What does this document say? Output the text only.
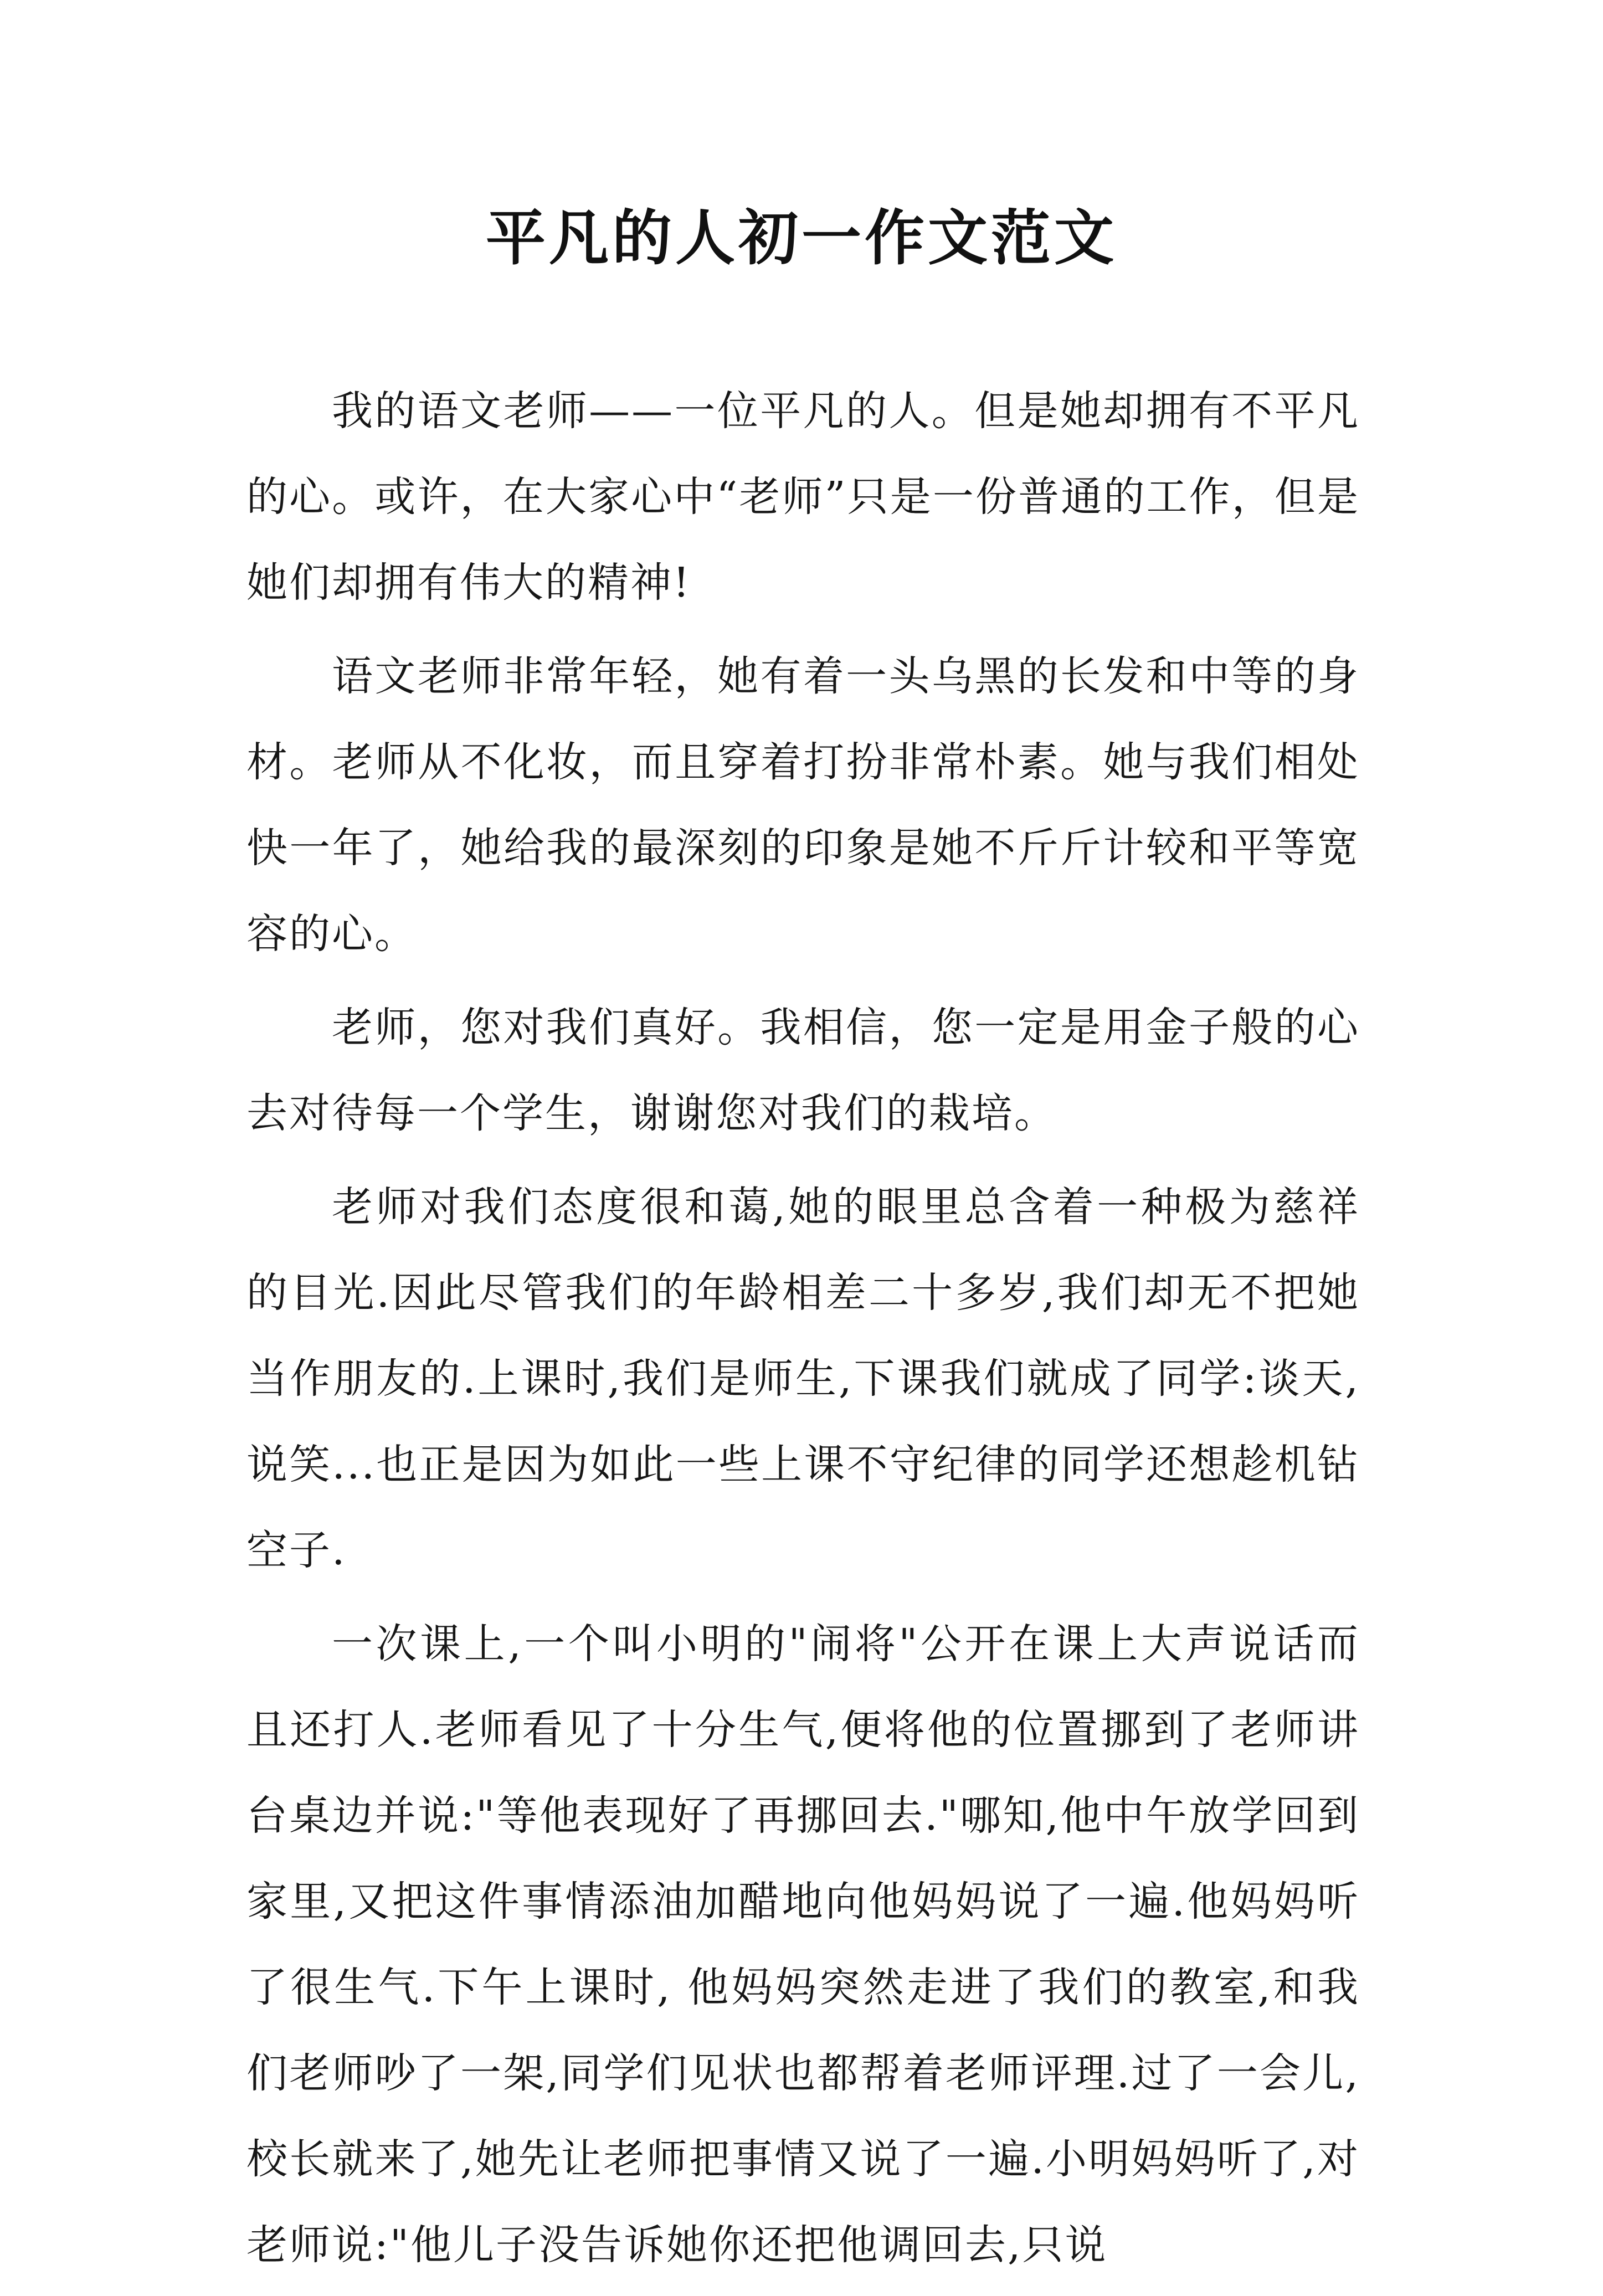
平凡的人初一作文范文

我的语文老师——一位平凡的人。但是她却拥有不平凡的心。或许，在大家心中“老师”只是一份普通的工作，但是她们却拥有伟大的精神!

语文老师非常年轻，她有着一头乌黑的长发和中等的身材。老师从不化妆，而且穿着打扮非常朴素。她与我们相处快一年了，她给我的最深刻的印象是她不斤斤计较和平等宽容的心。

老师，您对我们真好。我相信，您一定是用金子般的心去对待每一个学生，谢谢您对我们的栽培。

老师对我们态度很和蔼,她的眼里总含着一种极为慈祥的目光.因此尽管我们的年龄相差二十多岁,我们却无不把她当作朋友的.上课时,我们是师生,下课我们就成了同学:谈天,说笑...也正是因为如此一些上课不守纪律的同学还想趁机钻空子.

一次课上,一个叫小明的"闹将"公开在课上大声说话而且还打人.老师看见了十分生气,便将他的位置挪到了老师讲台桌边并说:"等他表现好了再挪回去."哪知,他中午放学回到家里,又把这件事情添油加醋地向他妈妈说了一遍.他妈妈听了很生气.下午上课时, 他妈妈突然走进了我们的教室,和我们老师吵了一架,同学们见状也都帮着老师评理.过了一会儿,校长就来了,她先让老师把事情又说了一遍.小明妈妈听了,对老师说:"他儿子没告诉她你还把他调回去,只说
